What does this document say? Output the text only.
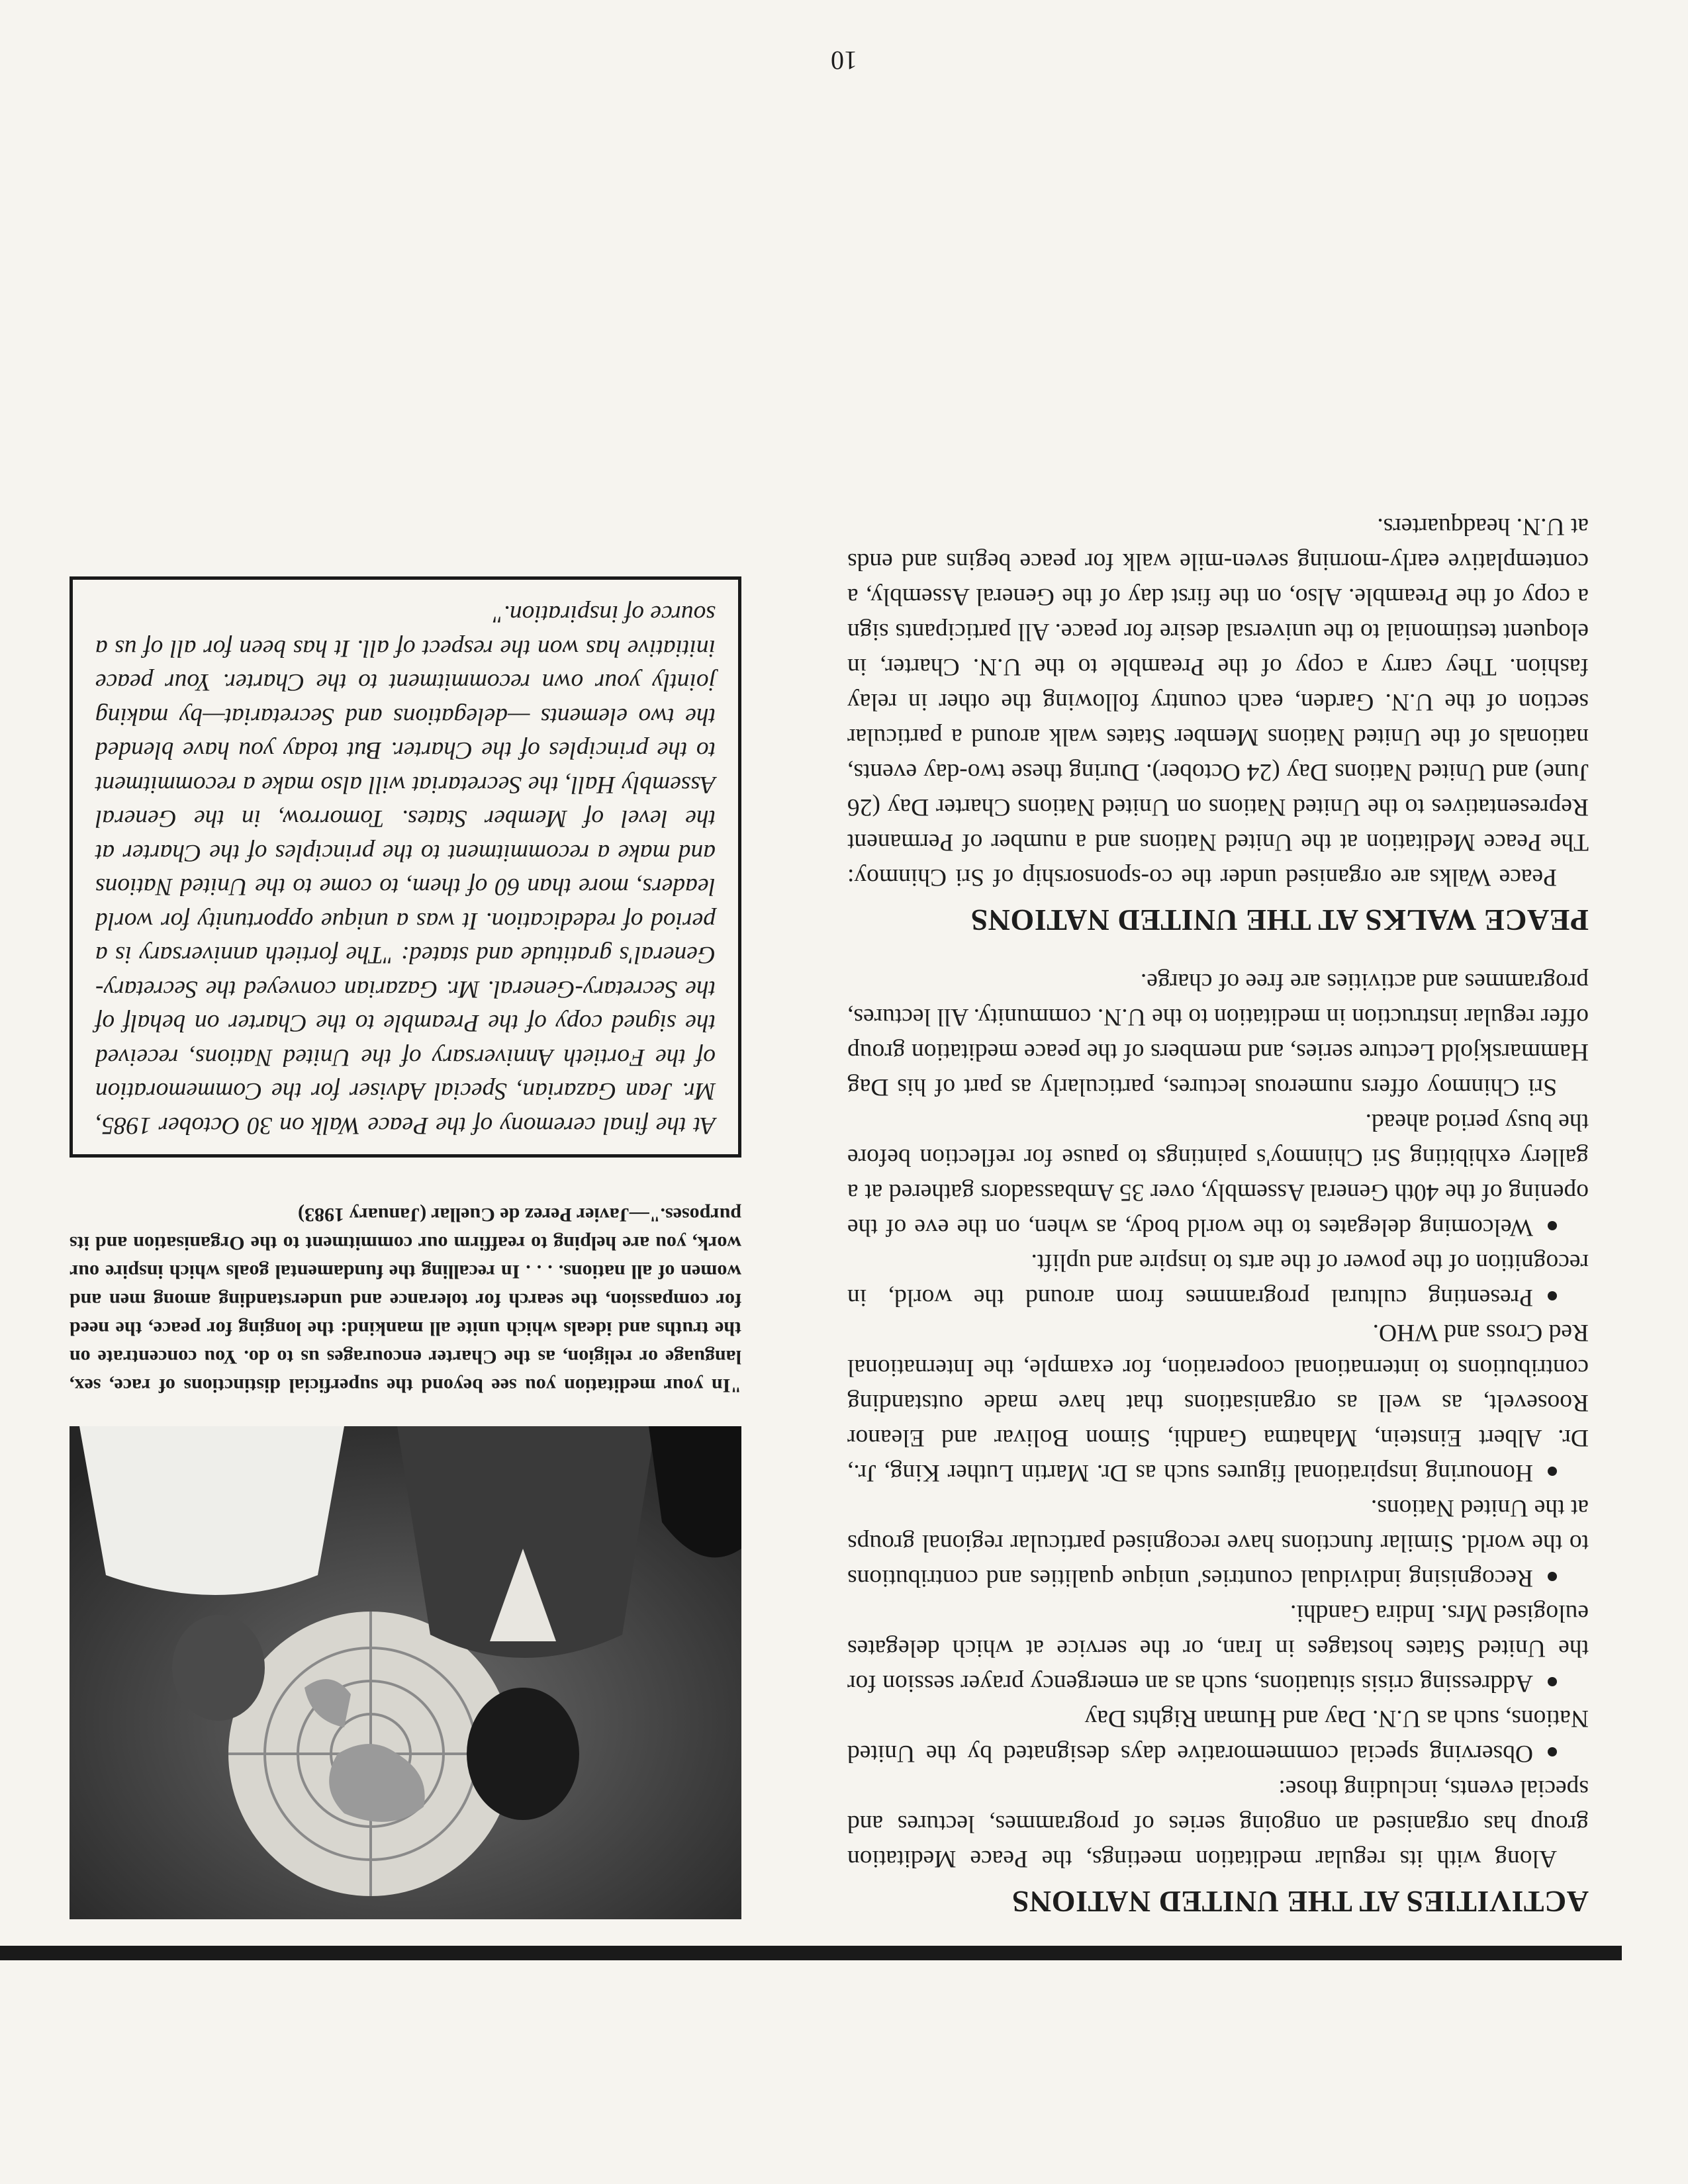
ACTIVITIES AT THE UNITED NATIONS

Along with its regular meditation meetings, the Peace Meditation group has organised an ongoing series of programmes, lectures and special events, including those:

Observing special commemorative days designated by the United Nations, such as U.N. Day and Human Rights Day
Addressing crisis situations, such as an emergency prayer session for the United States hostages in Iran, or the service at which delegates eulogised Mrs. Indira Gandhi.
Recognising individual countries' unique qualities and contributions to the world. Similar functions have recognised particular regional groups at the United Nations.
Honouring inspirational figures such as Dr. Martin Luther King, Jr., Dr. Albert Einstein, Mahatma Gandhi, Simon Bolivar and Eleanor Roosevelt, as well as organisations that have made outstanding contributions to international cooperation, for example, the International Red Cross and WHO.
Presenting cultural programmes from around the world, in recognition of the power of the arts to inspire and uplift.
Welcoming delegates to the world body, as when, on the eve of the opening of the 40th General Assembly, over 35 Ambassadors gathered at a gallery exhibiting Sri Chinmoy's paintings to pause for reflection before the busy period ahead.

Sri Chinmoy offers numerous lectures, particularly as part of his Dag Hammarskjold Lecture series, and members of the peace meditation group offer regular instruction in meditation to the U.N. community. All lectures, programmes and activities are free of charge.

PEACE WALKS AT THE UNITED NATIONS

Peace Walks are organised under the co-sponsorship of Sri Chinmoy: The Peace Meditation at the United Nations and a number of Permanent Representatives to the United Nations on United Nations Charter Day (26 June) and United Nations Day (24 October). During these two-day events, nationals of the United Nations Member States walk around a particular section of the U.N. Garden, each country following the other in relay fashion. They carry a copy of the Preamble to the U.N. Charter, in eloquent testimonial to the universal desire for peace. All participants sign a copy of the Preamble. Also, on the first day of the General Assembly, a contemplative early-morning seven-mile walk for peace begins and ends at U.N. headquarters.

"In your meditation you see beyond the superficial distinctions of race, sex, language or religion, as the Charter encourages us to do. You concentrate on the truths and ideals which unite all mankind: the longing for peace, the need for compassion, the search for tolerance and understanding among men and women of all nations. . . . In recalling the fundamental goals which inspire our work, you are helping to reaffirm our commitment to the Organisation and its purposes."—Javier Perez de Cuellar (January 1983)
At the final ceremony of the Peace Walk on 30 October 1985, Mr. Jean Gazarian, Special Adviser for the Commemoration of the Fortieth Anniversary of the United Nations, received the signed copy of the Preamble to the Charter on behalf of the Secretary-General. Mr. Gazarian conveyed the Secretary-General's gratitude and stated: "The fortieth anniversary is a period of rededication. It was a unique opportunity for world leaders, more than 60 of them, to come to the United Nations and make a recommitment to the principles of the Charter at the level of Member States. Tomorrow, in the General Assembly Hall, the Secretariat will also make a recommitment to the principles of the Charter. But today you have blended the two elements —delegations and Secretariat—by making jointly your own recommitment to the Charter. Your peace initiative has won the respect of all. It has been for all of us a source of inspiration."
10
